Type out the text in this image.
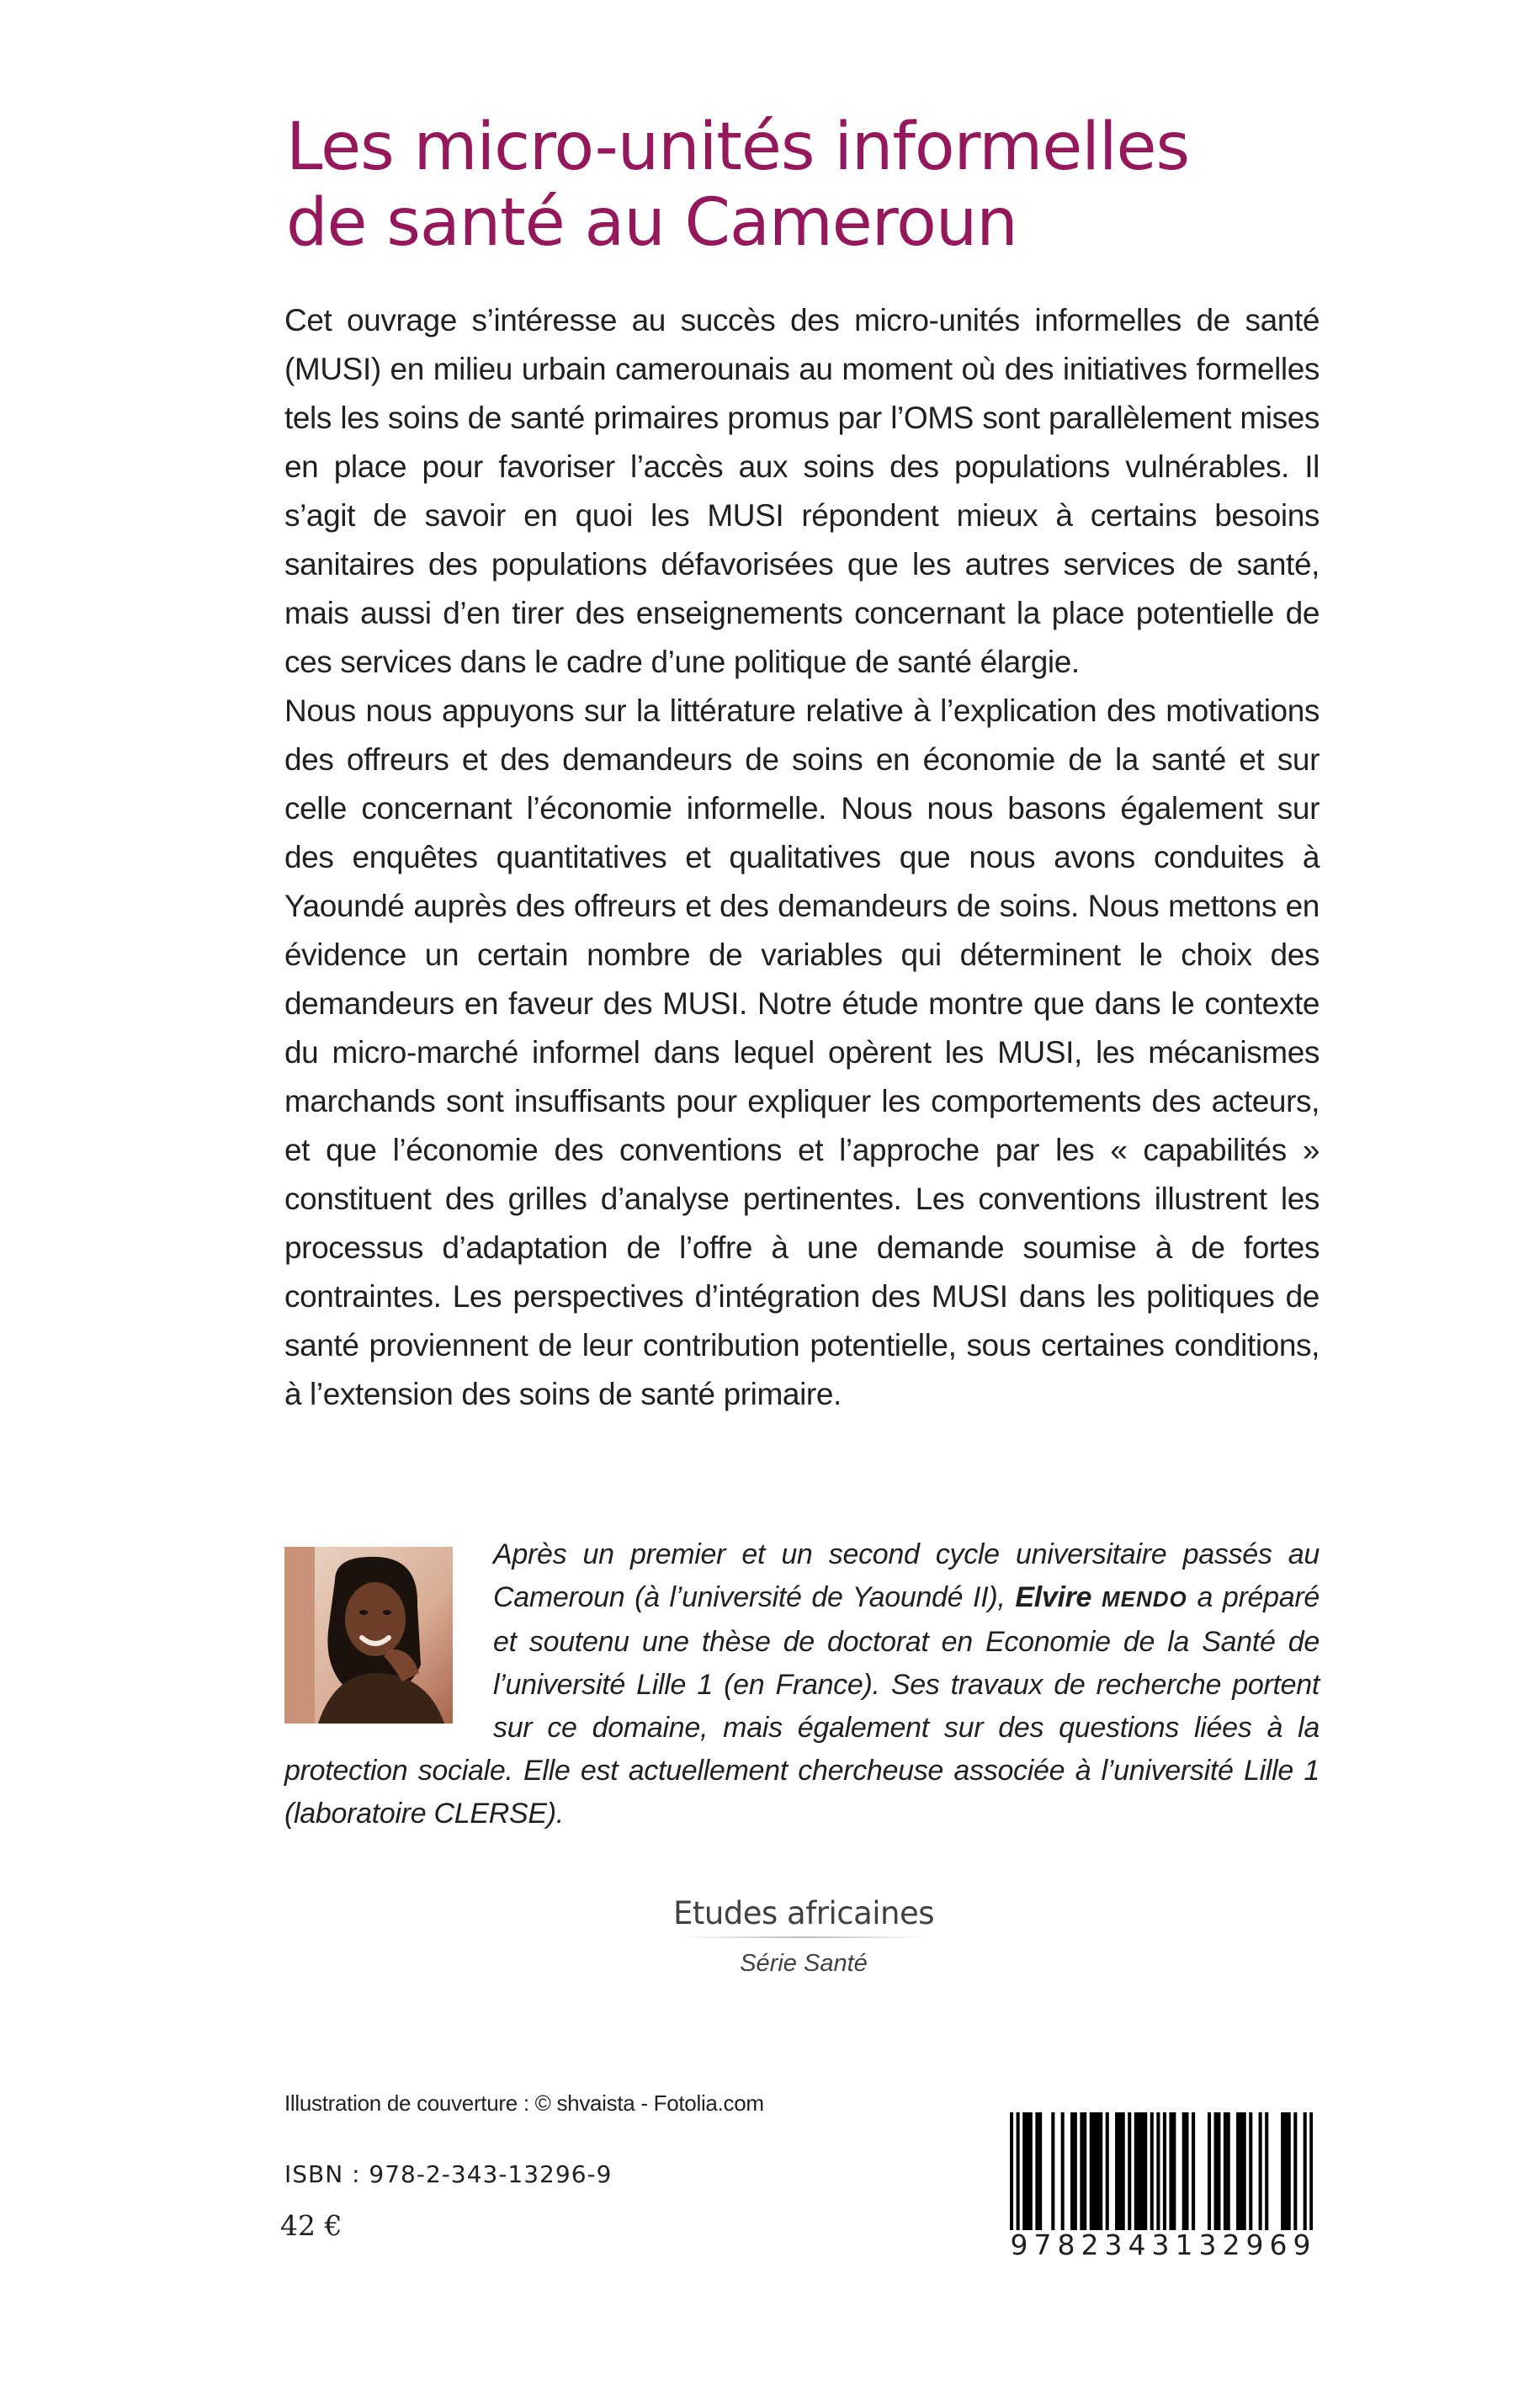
Les micro-unités informelles
de santé au Cameroun

Cet ouvrage s’intéresse au succès des micro-unités informelles de santé (MUSI) en milieu urbain camerounais au moment où des initiatives formelles tels les soins de santé primaires promus par l’OMS sont parallèlement mises en place pour favoriser l’accès aux soins des populations vulnérables. Il s’agit de savoir en quoi les MUSI répondent mieux à certains besoins sanitaires des populations défavorisées que les autres services de santé, mais aussi d’en tirer des enseignements concernant la place potentielle de ces services dans le cadre d’une politique de santé élargie.

Nous nous appuyons sur la littérature relative à l’explication des motivations des offreurs et des demandeurs de soins en économie de la santé et sur celle concernant l’économie informelle. Nous nous basons également sur des enquêtes quantitatives et qualitatives que nous avons conduites à Yaoundé auprès des offreurs et des demandeurs de soins. Nous mettons en évidence un certain nombre de variables qui déterminent le choix des demandeurs en faveur des MUSI. Notre étude montre que dans le contexte du micro-marché informel dans lequel opèrent les MUSI, les mécanismes marchands sont insuffisants pour expliquer les comportements des acteurs, et que l’économie des conventions et l’approche par les « capabilités » constituent des grilles d’analyse pertinentes. Les conventions illustrent les processus d’adaptation de l’offre à une demande soumise à de fortes contraintes. Les perspectives d’intégration des MUSI dans les politiques de santé proviennent de leur contribution potentielle, sous certaines conditions, à l’extension des soins de santé primaire.

Après un premier et un second cycle universitaire passés au Cameroun (à l’université de Yaoundé II), Elvire MENDO a préparé et soutenu une thèse de doctorat en Economie de la Santé de l’université Lille 1 (en France). Ses travaux de recherche portent sur ce domaine, mais également sur des questions liées à la protection sociale. Elle est actuellement chercheuse associée à l’université Lille 1 (laboratoire CLERSE).

Etudes africaines
Série Santé
Illustration de couverture : © shvaista - Fotolia.com
ISBN : 978-2-343-13296-9
42 €
9 7 8 2 3 4 3 1 3 2 9 6 9
